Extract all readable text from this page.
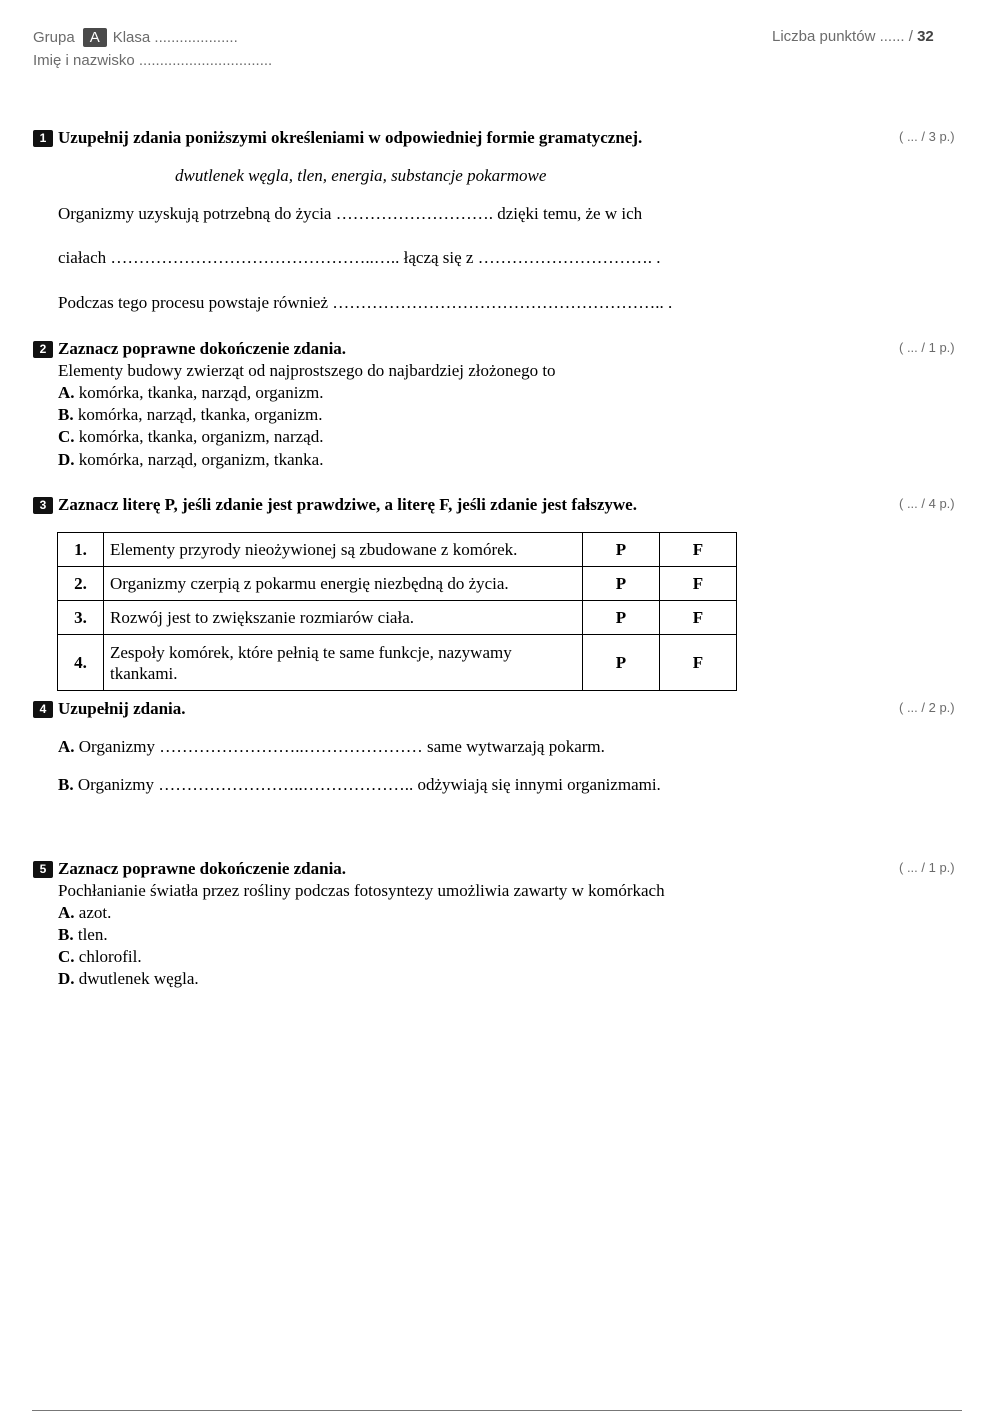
Grupa A Klasa ....................	Liczba punktów ...... / 32
Imię i nazwisko ................................
1 Uzupełnij zdania poniższymi określeniami w odpowiedniej formie gramatycznej.	( ... / 3 p.)
dwutlenek węgla, tlen, energia, substancje pokarmowe
Organizmy uzyskują potrzebną do życia ………………………. dzięki temu, że w ich
ciałach ………………………………………..….. łączą się z …………………………. .
Podczas tego procesu powstaje również ………………………………………………….. .
2 Zaznacz poprawne dokończenie zdania.	( ... / 1 p.)
Elementy budowy zwierząt od najprostszego do najbardziej złożonego to
A. komórka, tkanka, narząd, organizm.
B. komórka, narząd, tkanka, organizm.
C. komórka, tkanka, organizm, narząd.
D. komórka, narząd, organizm, tkanka.
3 Zaznacz literę P, jeśli zdanie jest prawdziwe, a literę F, jeśli zdanie jest fałszywe.	( ... / 4 p.)
1.	Elementy przyrody nieożywionej są zbudowane z komórek.	P	F
2.	Organizmy czerpią z pokarmu energię niezbędną do życia.	P	F
3.	Rozwój jest to zwiększanie rozmiarów ciała.	P	F
4.	Zespoły komórek, które pełnią te same funkcje, nazywamy tkankami.	P	F
4 Uzupełnij zdania.	( ... / 2 p.)
A. Organizmy ……………………..………………… same wytwarzają pokarm.
B. Organizmy ……………………..……………….. odżywiają się innymi organizmami.
5 Zaznacz poprawne dokończenie zdania.	( ... / 1 p.)
Pochłanianie światła przez rośliny podczas fotosyntezy umożliwia zawarty w komórkach
A. azot.
B. tlen.
C. chlorofil.
D. dwutlenek węgla.
